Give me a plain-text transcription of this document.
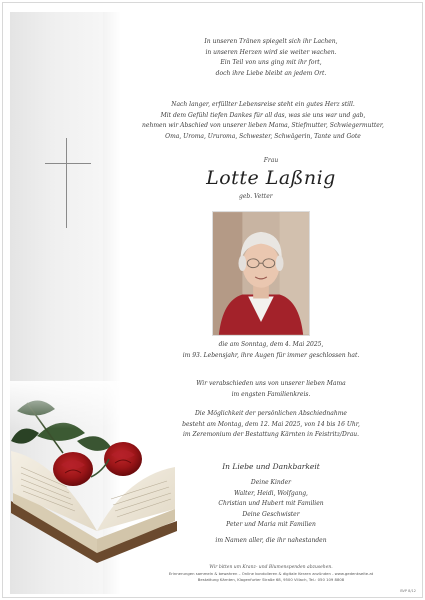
In unseren Tränen spiegelt sich ihr Lachen,
in unseren Herzen wird sie weiter wachen.
Ein Teil von uns ging mit ihr fort,
doch ihre Liebe bleibt an jedem Ort.
Nach langer, erfüllter Lebensreise steht ein gutes Herz still.
Mit dem Gefühl tiefen Dankes für all das, was sie uns war und gab,
nehmen wir Abschied von unserer lieben Mama, Stiefmutter, Schwiegermutter,
Oma, Uroma, Ururoma, Schwester, Schwägerin, Tante und Gote
Frau
Lotte Laßnig
geb. Vetter
die am Sonntag, dem 4. Mai 2025,
im 93. Lebensjahr, ihre Augen für immer geschlossen hat.
Wir verabschieden uns von unserer lieben Mama
im engsten Familienkreis.
Die Möglichkeit der persönlichen Abschiednahme
besteht am Montag, dem 12. Mai 2025, von 14 bis 16 Uhr,
im Zeremonium der Bestattung Kärnten in Feistritz/Drau.
In Liebe und Dankbarkeit
Deine Kinder
Walter, Heidi, Wolfgang,
Christian und Hubert mit Familien
Deine Geschwister
Peter und Maria mit Familien
im Namen aller, die ihr nahestanden
Wir bitten um Kranz- und Blumenspenden abzusehen.
Erinnerungen sammeln & bewahren – Online kondolieren & digitale Kerzen anzünden - www.gedenkseite.at
Bestattung Kärnten, Klagenfurter Straße 68, 9500 Villach, Tel.: 050 109 8808
BVP 8/12
